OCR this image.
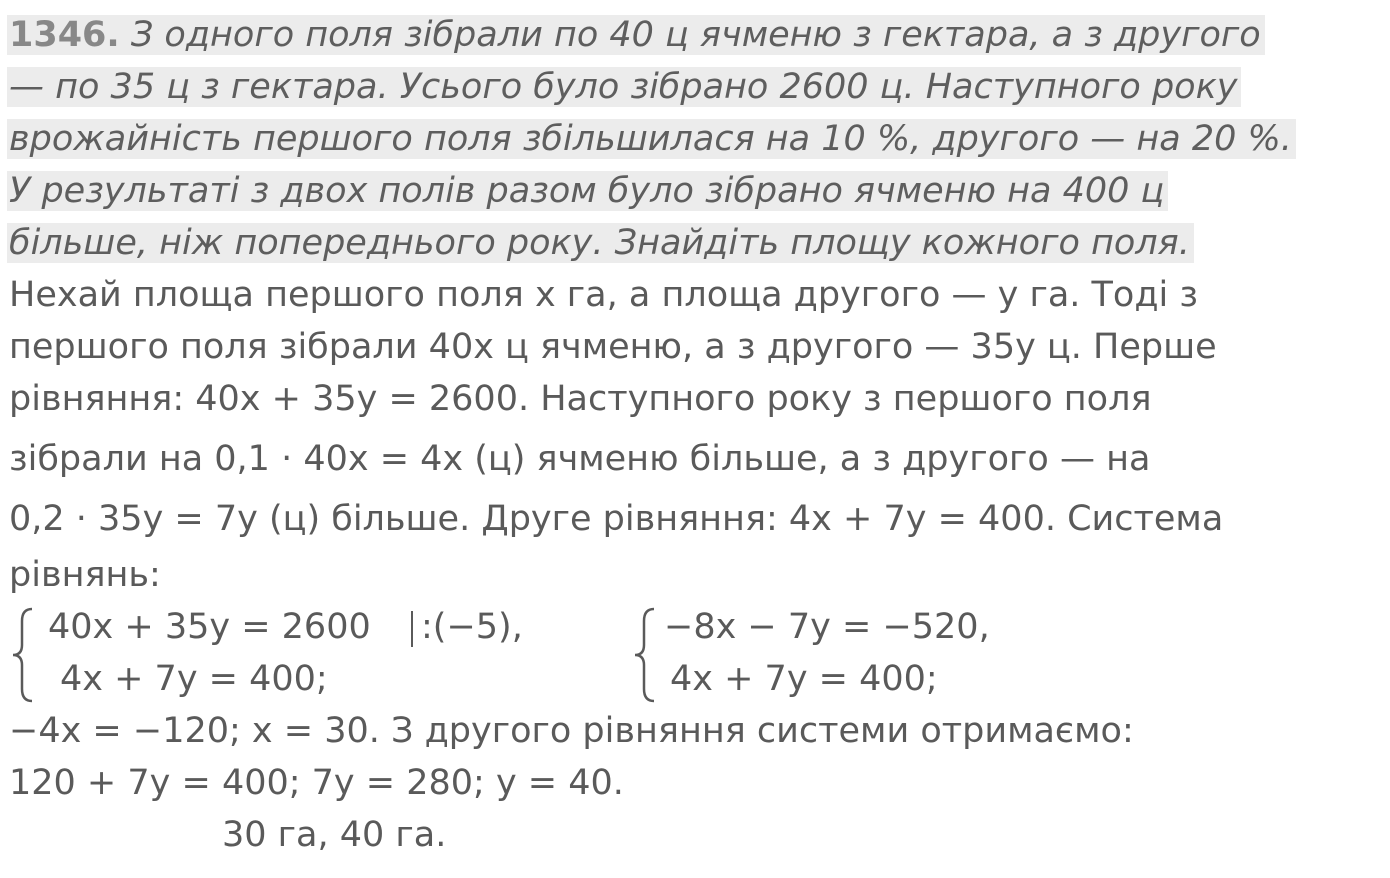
1346. З одного поля зібрали по 40 ц ячменю з гектара, а з другого
— по 35 ц з гектара. Усього було зібрано 2600 ц. Наступного року
врожайність першого поля збільшилася на 10 %, другого — на 20 %.
У результаті з двох полів разом було зібрано ячменю на 400 ц
більше, ніж попереднього року. Знайдіть площу кожного поля.
Нехай площа першого поля х га, а площа другого — у га. Тоді з
першого поля зібрали 40х ц ячменю, а з другого — 35у ц. Перше
рівняння: 40х + 35у = 2600. Наступного року з першого поля
зібрали на 0,1 · 40х = 4х (ц) ячменю більше, а з другого — на
0,2 · 35у = 7у (ц) більше. Друге рівняння: 4х + 7у = 400. Система
рівнянь:
40х + 35у = 2600 :(−5),
4х + 7у = 400;
−8х − 7у = −520,
4х + 7у = 400;
−4х = −120; х = 30. З другого рівняння системи отримаємо:
120 + 7у = 400; 7у = 280; у = 40.
30 га, 40 га.
